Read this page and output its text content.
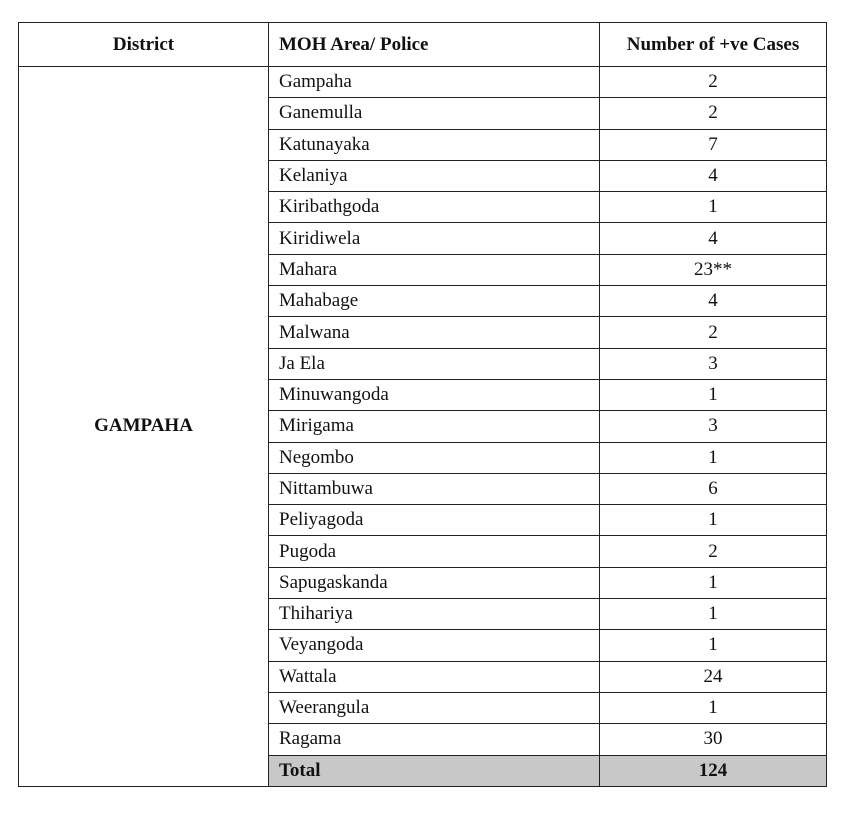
District	MOH Area/ Police	Number of +ve Cases
GAMPAHA	Gampaha	2
	Ganemulla	2
	Katunayaka	7
	Kelaniya	4
	Kiribathgoda	1
	Kiridiwela	4
	Mahara	23**
	Mahabage	4
	Malwana	2
	Ja Ela	3
	Minuwangoda	1
	Mirigama	3
	Negombo	1
	Nittambuwa	6
	Peliyagoda	1
	Pugoda	2
	Sapugaskanda	1
	Thihariya	1
	Veyangoda	1
	Wattala	24
	Weerangula	1
	Ragama	30
	Total	124
